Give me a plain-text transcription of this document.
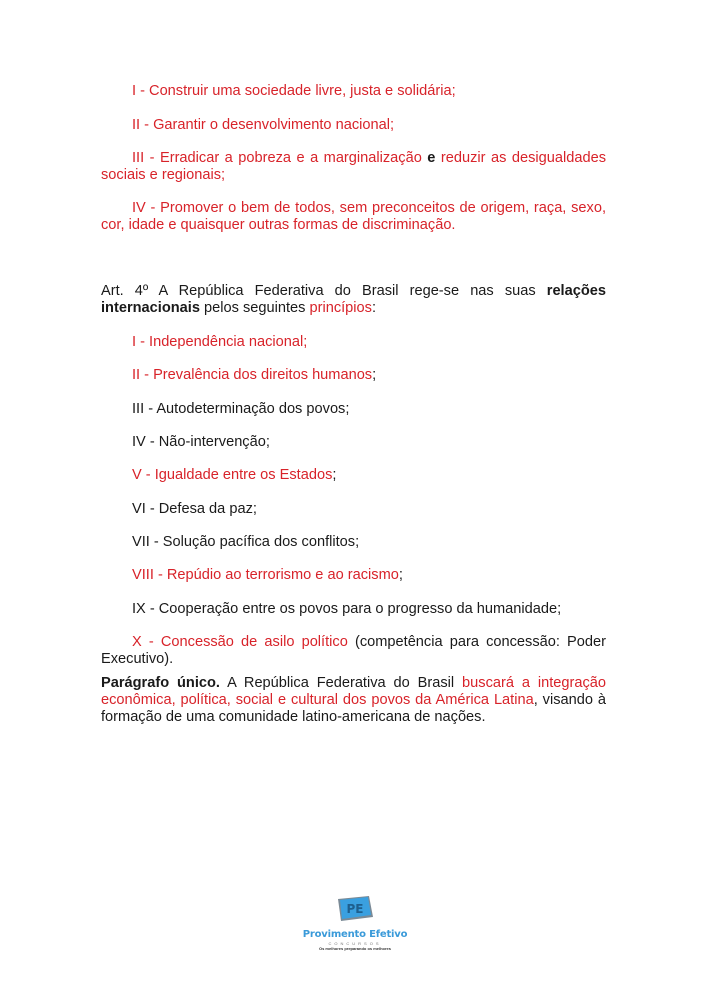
I - Construir uma sociedade livre, justa e solidária;

II - Garantir o desenvolvimento nacional;

III - Erradicar a pobreza e a marginalização e reduzir as desigualdades sociais e regionais;

IV - Promover o bem de todos, sem preconceitos de origem, raça, sexo, cor, idade e quaisquer outras formas de discriminação.

Art. 4º A República Federativa do Brasil rege-se nas suas relações internacionais pelos seguintes princípios:

I - Independência nacional;

II - Prevalência dos direitos humanos;

III - Autodeterminação dos povos;

IV - Não-intervenção;

V - Igualdade entre os Estados;

VI - Defesa da paz;

VII - Solução pacífica dos conflitos;

VIII - Repúdio ao terrorismo e ao racismo;

IX - Cooperação entre os povos para o progresso da humanidade;

X - Concessão de asilo político (competência para concessão: Poder Executivo).

Parágrafo único. A República Federativa do Brasil buscará a integração econômica, política, social e cultural dos povos da América Latina, visando à formação de uma comunidade latino-americana de nações.

PE
Provimento Efetivo
CONCURSOS
Os melhores preparando os melhores
